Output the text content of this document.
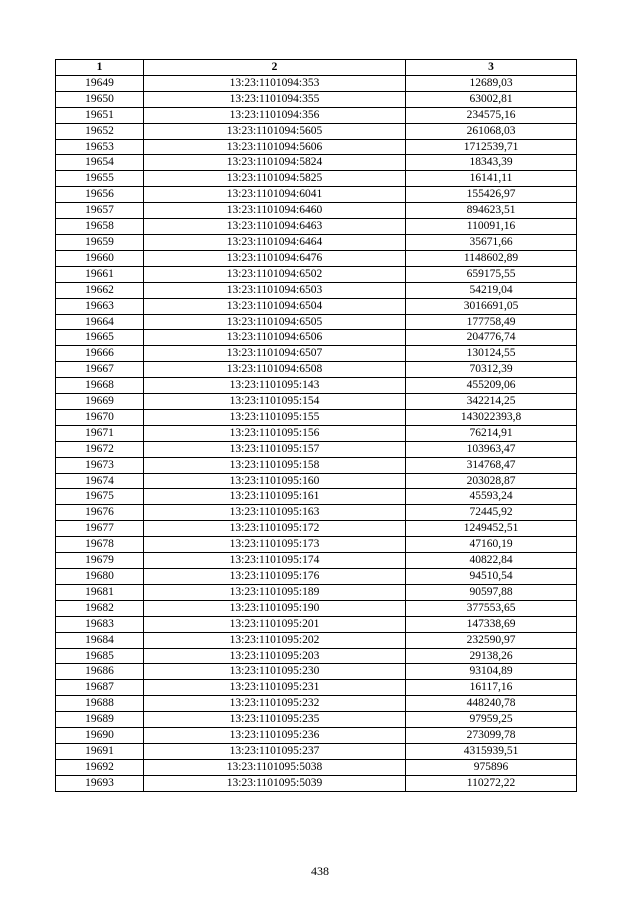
1	2	3
19649	13:23:1101094:353	12689,03
19650	13:23:1101094:355	63002,81
19651	13:23:1101094:356	234575,16
19652	13:23:1101094:5605	261068,03
19653	13:23:1101094:5606	1712539,71
19654	13:23:1101094:5824	18343,39
19655	13:23:1101094:5825	16141,11
19656	13:23:1101094:6041	155426,97
19657	13:23:1101094:6460	894623,51
19658	13:23:1101094:6463	110091,16
19659	13:23:1101094:6464	35671,66
19660	13:23:1101094:6476	1148602,89
19661	13:23:1101094:6502	659175,55
19662	13:23:1101094:6503	54219,04
19663	13:23:1101094:6504	3016691,05
19664	13:23:1101094:6505	177758,49
19665	13:23:1101094:6506	204776,74
19666	13:23:1101094:6507	130124,55
19667	13:23:1101094:6508	70312,39
19668	13:23:1101095:143	455209,06
19669	13:23:1101095:154	342214,25
19670	13:23:1101095:155	143022393,8
19671	13:23:1101095:156	76214,91
19672	13:23:1101095:157	103963,47
19673	13:23:1101095:158	314768,47
19674	13:23:1101095:160	203028,87
19675	13:23:1101095:161	45593,24
19676	13:23:1101095:163	72445,92
19677	13:23:1101095:172	1249452,51
19678	13:23:1101095:173	47160,19
19679	13:23:1101095:174	40822,84
19680	13:23:1101095:176	94510,54
19681	13:23:1101095:189	90597,88
19682	13:23:1101095:190	377553,65
19683	13:23:1101095:201	147338,69
19684	13:23:1101095:202	232590,97
19685	13:23:1101095:203	29138,26
19686	13:23:1101095:230	93104,89
19687	13:23:1101095:231	16117,16
19688	13:23:1101095:232	448240,78
19689	13:23:1101095:235	97959,25
19690	13:23:1101095:236	273099,78
19691	13:23:1101095:237	4315939,51
19692	13:23:1101095:5038	975896
19693	13:23:1101095:5039	110272,22
438
